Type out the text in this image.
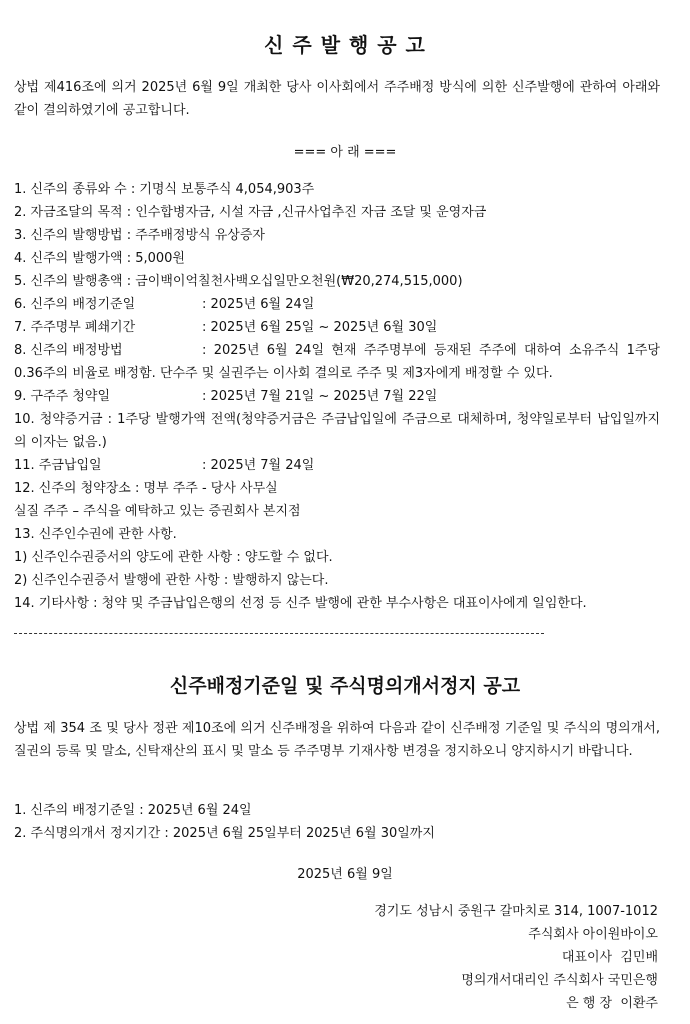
신 주 발 행 공 고

상법 제416조에 의거 2025년 6월 9일 개최한 당사 이사회에서 주주배정 방식에 의한 신주발행에 관하여 아래와 같이 결의하였기에 공고합니다.

=== 아 래 ===
1. 신주의 종류와 수 : 기명식 보통주식 4,054,903주
2. 자금조달의 목적 : 인수합병자금, 시설 자금 ,신규사업추진 자금 조달 및 운영자금
3. 신주의 발행방법 : 주주배정방식 유상증자
4. 신주의 발행가액 : 5,000원
5. 신주의 발행총액 : 금이백이억칠천사백오십일만오천원(₩20,274,515,000)
6. 신주의 배정기준일	: 2025년 6월 24일
7. 주주명부 폐쇄기간	: 2025년 6월 25일 ~ 2025년 6월 30일
8. 신주의 배정방법	: 2025년 6월 24일 현재 주주명부에 등재된 주주에 대하여 소유주식 1주당 0.36주의 비율로 배정함. 단수주 및 실권주는 이사회 결의로 주주 및 제3자에게 배정할 수 있다.
9. 구주주 청약일	: 2025년 7월 21일 ~ 2025년 7월 22일
10. 청약증거금 : 1주당 발행가액 전액(청약증거금은 주금납입일에 주금으로 대체하며, 청약일로부터 납입일까지의 이자는 없음.)
11. 주금납입일	: 2025년 7월 24일
12. 신주의 청약장소 : 명부 주주 - 당사 사무실
실질 주주 – 주식을 예탁하고 있는 증권회사 본지점
13. 신주인수권에 관한 사항.
1) 신주인수권증서의 양도에 관한 사항 : 양도할 수 없다.
2) 신주인수권증서 발행에 관한 사항 : 발행하지 않는다.
14. 기타사항 : 청약 및 주금납입은행의 선정 등 신주 발행에 관한 부수사항은 대표이사에게 일임한다.
신주배정기준일 및 주식명의개서정지 공고

상법 제 354 조 및 당사 정관 제10조에 의거 신주배정을 위하여 다음과 같이 신주배정 기준일 및 주식의 명의개서, 질권의 등록 및 말소, 신탁재산의 표시 및 말소 등 주주명부 기재사항 변경을 정지하오니 양지하시기 바랍니다.

1. 신주의 배정기준일 : 2025년 6월 24일
2. 주식명의개서 정지기간 : 2025년 6월 25일부터 2025년 6월 30일까지
2025년 6월 9일
경기도 성남시 중원구 갈마치로 314, 1007-1012
주식회사 아이원바이오
대표이사  김민배
명의개서대리인 주식회사 국민은행
은 행 장  이환주
